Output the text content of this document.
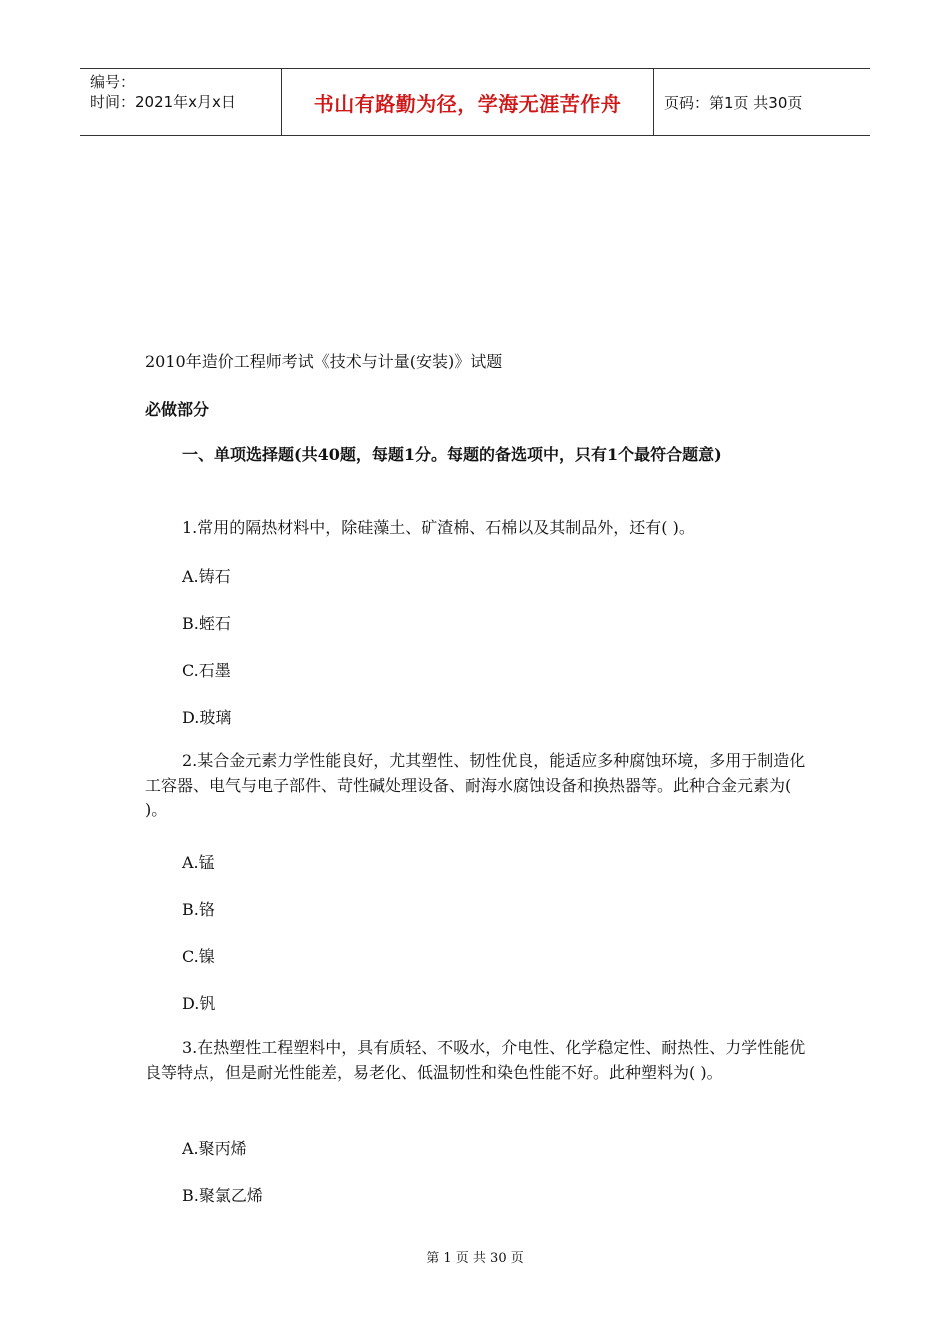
编号：
时间：2021年x月x日	书山有路勤为径，学海无涯苦作舟	页码：第1页 共30页
2010年造价工程师考试《技术与计量(安装)》试题
必做部分
一、单项选择题(共40题，每题1分。每题的备选项中，只有1个最符合题意)
1.常用的隔热材料中，除硅藻土、矿渣棉、石棉以及其制品外，还有( )。
A.铸石
B.蛭石
C.石墨
D.玻璃
2.某合金元素力学性能良好，尤其塑性、韧性优良，能适应多种腐蚀环境，多用于制造化工容器、电气与电子部件、苛性碱处理设备、耐海水腐蚀设备和换热器等。此种合金元素为( )。
A.锰
B.铬
C.镍
D.钒
3.在热塑性工程塑料中，具有质轻、不吸水，介电性、化学稳定性、耐热性、力学性能优良等特点，但是耐光性能差，易老化、低温韧性和染色性能不好。此种塑料为( )。
A.聚丙烯
B.聚氯乙烯
第 1 页 共 30 页
